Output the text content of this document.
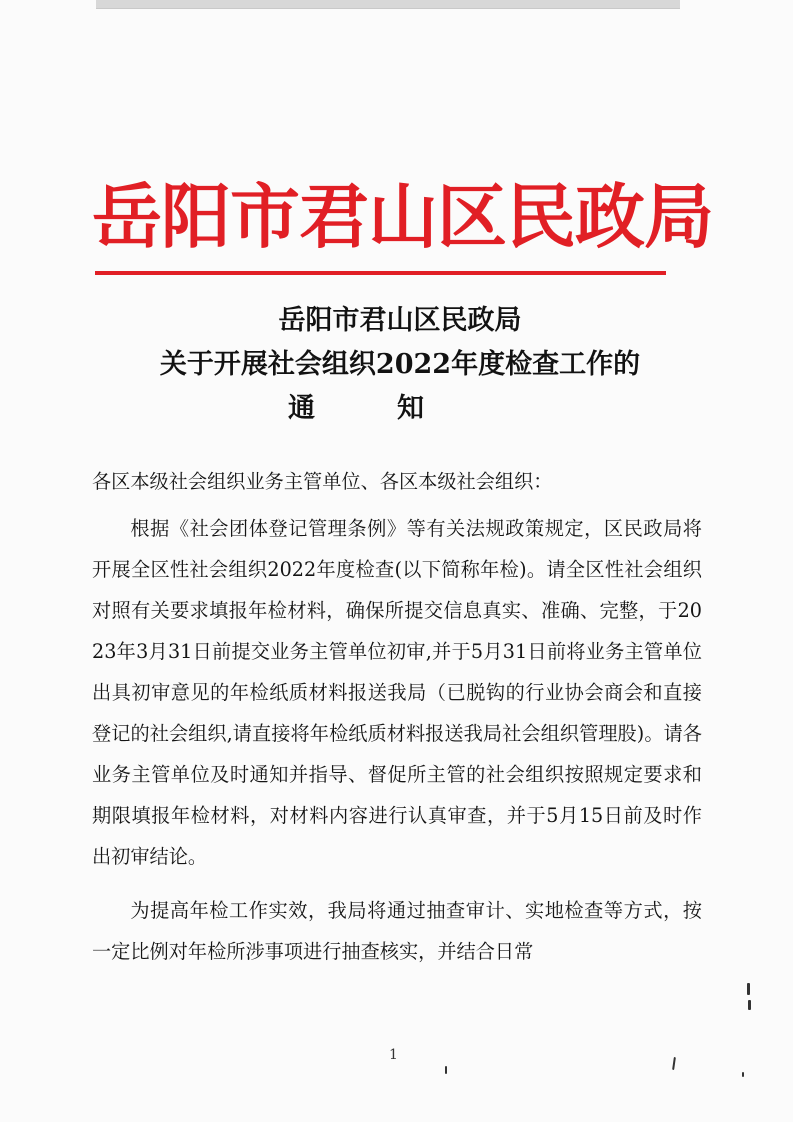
岳阳市君山区民政局
岳阳市君山区民政局
关于开展社会组织2022年度检查工作的
通知
各区本级社会组织业务主管单位、各区本级社会组织：

根据《社会团体登记管理条例》等有关法规政策规定，区民政局将开展全区性社会组织2022年度检查(以下简称年检)。请全区性社会组织对照有关要求填报年检材料，确保所提交信息真实、准确、完整，于2023年3月31日前提交业务主管单位初审,并于5月31日前将业务主管单位出具初审意见的年检纸质材料报送我局（已脱钩的行业协会商会和直接登记的社会组织,请直接将年检纸质材料报送我局社会组织管理股)。请各业务主管单位及时通知并指导、督促所主管的社会组织按照规定要求和期限填报年检材料，对材料内容进行认真审查，并于5月15日前及时作出初审结论。

为提高年检工作实效，我局将通过抽查审计、实地检查等方式，按一定比例对年检所涉事项进行抽查核实，并结合日常

1
